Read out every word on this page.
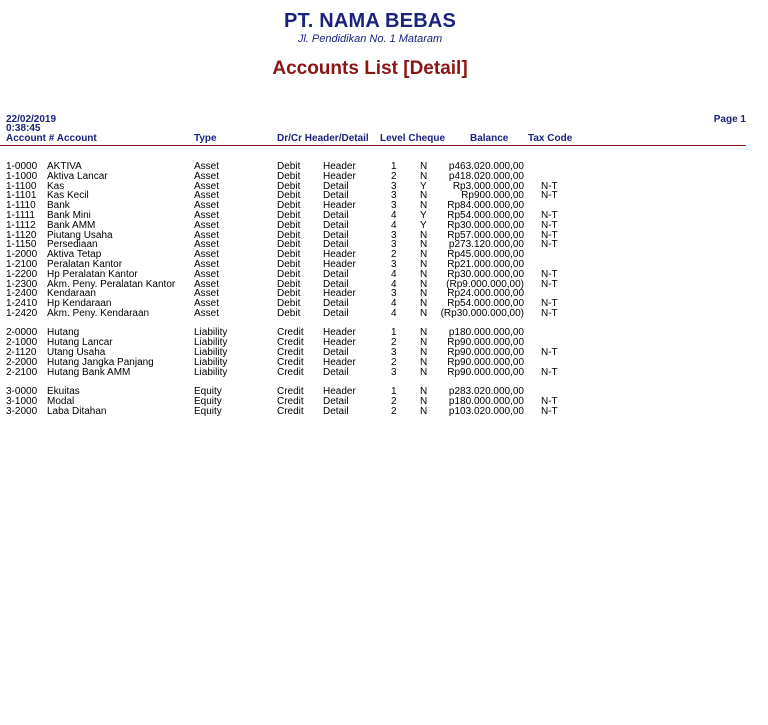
PT. NAMA BEBAS
Jl. Pendidikan No. 1 Mataram
Accounts List [Detail]
22/02/2019
0:38:45
Page 1
Account # Account	Type	Dr/Cr Header/Detail Level Cheque Balance Tax Code
1-0000 AKTIVA	Asset	Debit Header	1 N	p463.020.000,00
1-1000 Aktiva Lancar	Asset	Debit Header	2 N	p418.020.000,00
1-1100 Kas	Asset	Debit Detail	3 Y	Rp3.000.000,00 N-T
1-1101 Kas Kecil	Asset	Debit Detail	3 N	Rp900.000,00 N-T
1-1110 Bank	Asset	Debit Header	3 N	Rp84.000.000,00
1-1111 Bank Mini	Asset	Debit Detail	4 Y	Rp54.000.000,00 N-T
1-1112 Bank AMM	Asset	Debit Detail	4 Y	Rp30.000.000,00 N-T
1-1120 Piutang Usaha	Asset	Debit Detail	3 N	Rp57.000.000,00 N-T
1-1150 Persediaan	Asset	Debit Detail	3 N	p273.120.000,00 N-T
1-2000 Aktiva Tetap	Asset	Debit Header	2 N	Rp45.000.000,00
1-2100 Peralatan Kantor	Asset	Debit Header	3 N	Rp21.000.000,00
1-2200 Hp Peralatan Kantor	Asset	Debit Detail	4 N	Rp30.000.000,00 N-T
1-2300 Akm. Peny. Peralatan Kantor Asset	Debit Detail	4 N	(Rp9.000.000,00) N-T
1-2400 Kendaraan	Asset	Debit Header	3 N	Rp24.000.000,00
1-2410 Hp Kendaraan	Asset	Debit Detail	4 N	Rp54.000.000,00 N-T
1-2420 Akm. Peny. Kendaraan	Asset	Debit Detail	4 N	(Rp30.000.000,00) N-T
2-0000 Hutang	Liability	Credit Header	1 N	p180.000.000,00
2-1000 Hutang Lancar	Liability	Credit Header	2 N	Rp90.000.000,00
2-1120 Utang Usaha	Liability	Credit Detail	3 N	Rp90.000.000,00 N-T
2-2000 Hutang Jangka Panjang	Liability	Credit Header	2 N	Rp90.000.000,00
2-2100 Hutang Bank AMM	Liability	Credit Detail	3 N	Rp90.000.000,00 N-T
3-0000 Ekuitas	Equity	Credit Header	1 N	p283.020.000,00
3-1000 Modal	Equity	Credit Detail	2 N	p180.000.000,00 N-T
3-2000 Laba Ditahan	Equity	Credit Detail	2 N	p103.020.000,00 N-T
